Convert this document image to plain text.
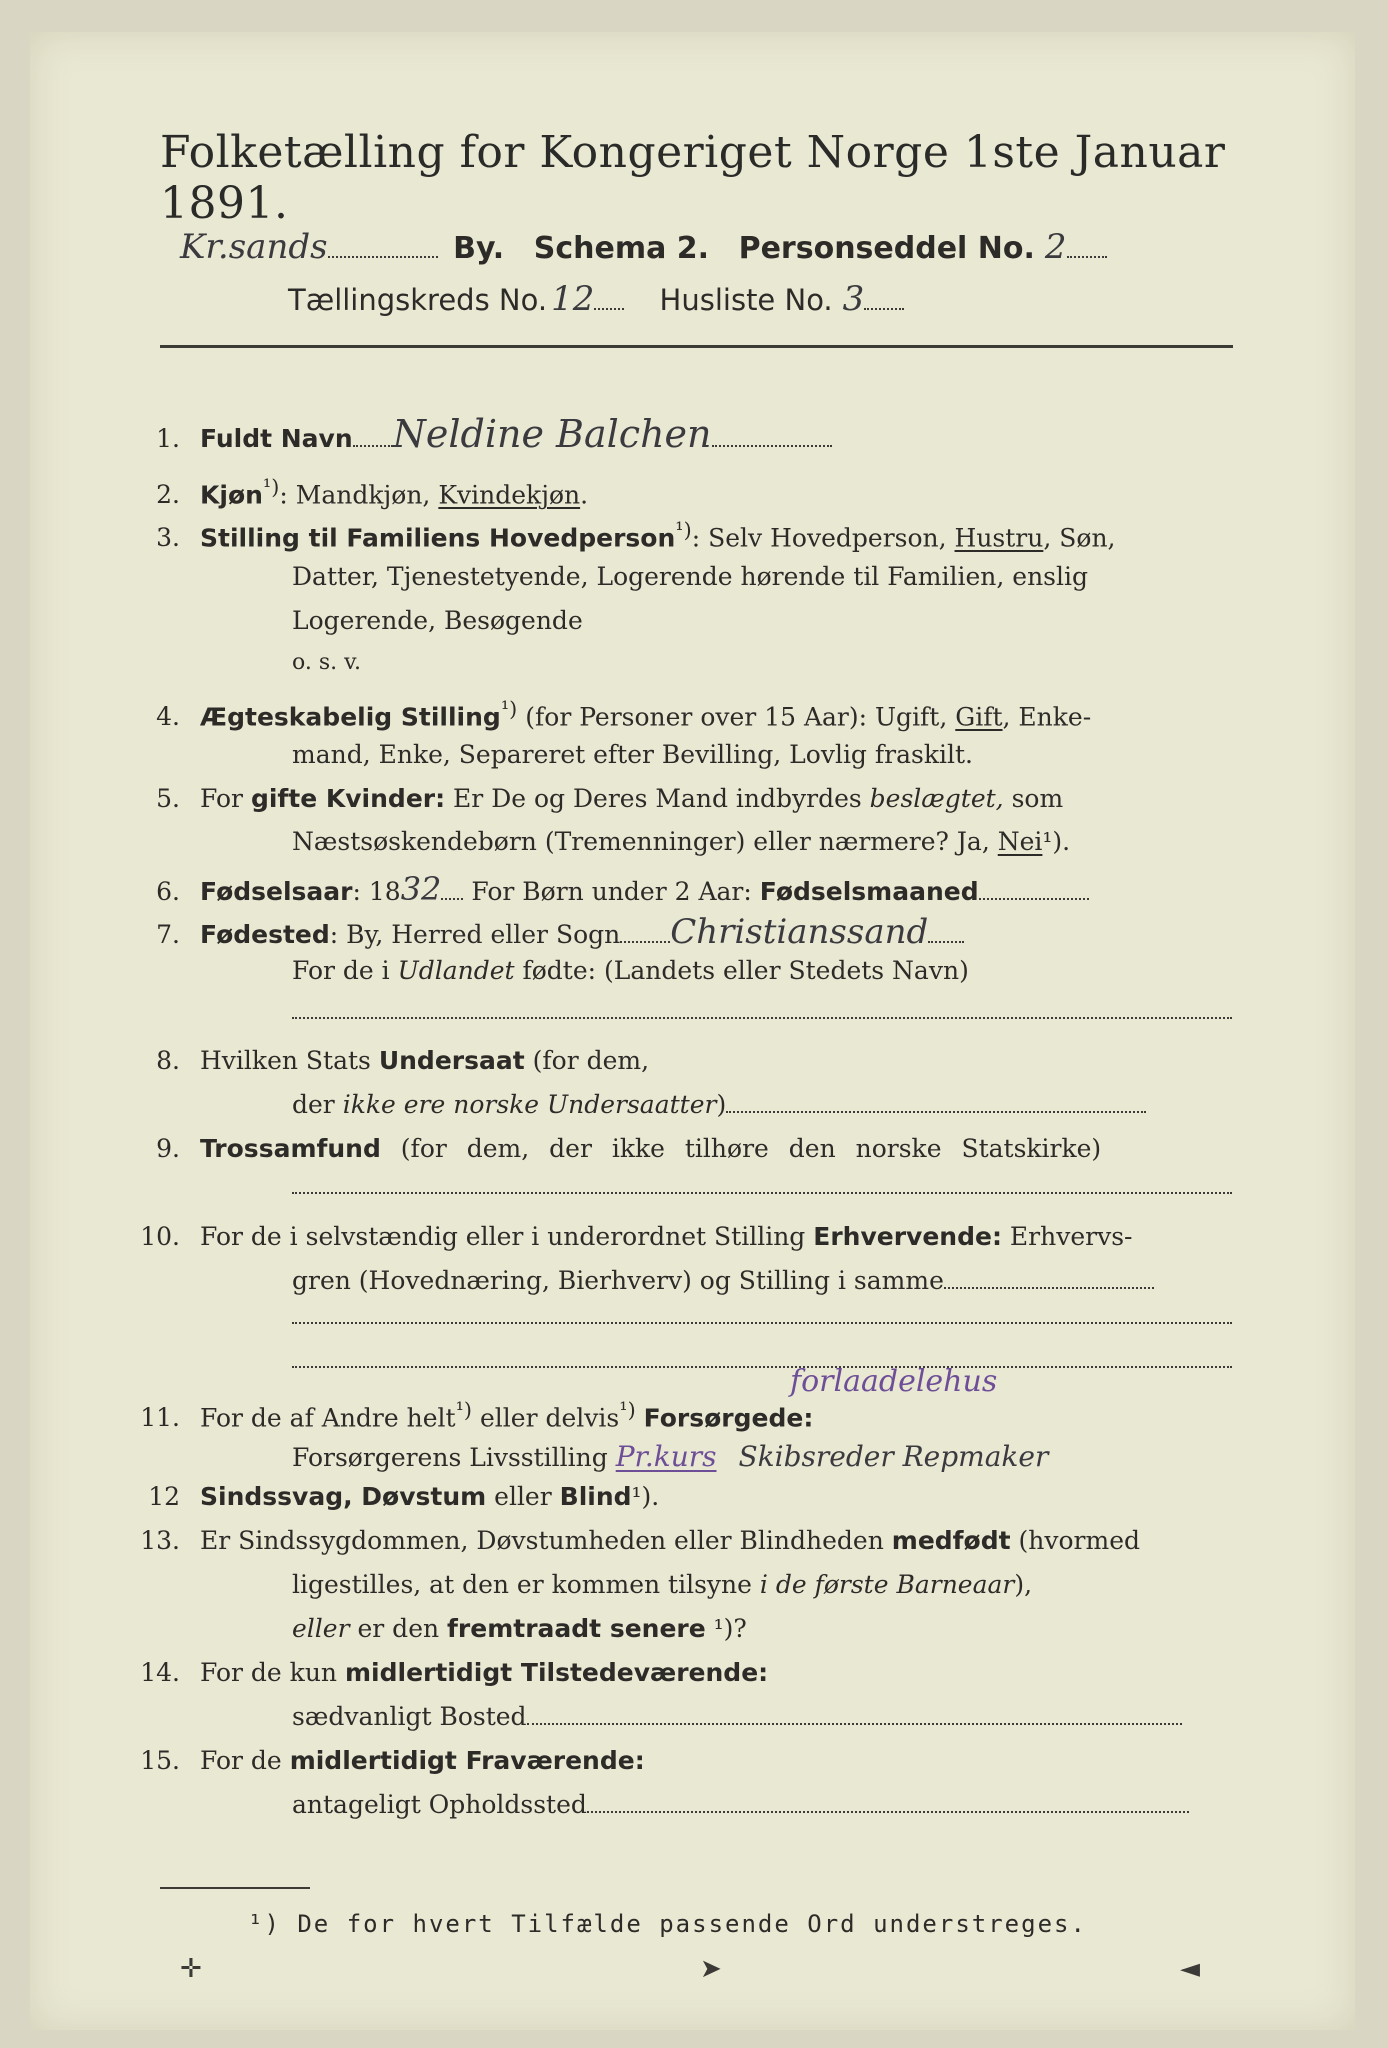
Folketælling for Kongeriget Norge 1ste Januar 1891.
Kr.sands	By. Schema 2. Personseddel No. 2
Tællingskreds No. 12 Husliste No. 3
1. Fuldt Navn Neldine Balchen
2. Kjøn$^{^1)}$: Mandkjøn, Kvindekjøn.
3. Stilling til Familiens Hovedperson$^{^1)}$: Selv Hovedperson, Hustru, Søn,
Datter, Tjenestetyende, Logerende hørende til Familien, enslig
Logerende, Besøgende
o. s. v.
4. Ægteskabelig Stilling$^{^1)}$ (for Personer over 15 Aar): Ugift, Gift, Enke-
mand, Enke, Separeret efter Bevilling, Lovlig fraskilt.
5. For gifte Kvinder: Er De og Deres Mand indbyrdes beslægtet, som
Næstsøskendebørn (Tremenninger) eller nærmere? Ja, Nei¹).
6. Fødselsaar: 1832 For Børn under 2 Aar: Fødselsmaaned
7. Fødested: By, Herred eller Sogn Christianssand
For de i Udlandet fødte: (Landets eller Stedets Navn)
8. Hvilken Stats Undersaat (for dem,
der ikke ere norske Undersaatter)
9. Trossamfund (for dem, der ikke tilhøre den norske Statskirke)
10. For de i selvstændig eller i underordnet Stilling Erhvervende: Erhvervs-
gren (Hovednæring, Bierhverv) og Stilling i samme
forlaadelehus
11. For de af Andre helt$^{^1)}$ eller delvis$^{^1)}$ Forsørgede:
Forsørgerens Livsstilling Pr.kurs Skibsreder Repmaker
12 Sindssvag, Døvstum eller Blind¹).
13. Er Sindssygdommen, Døvstumheden eller Blindheden medfødt (hvormed
ligestilles, at den er kommen tilsyne i de første Barneaar),
eller er den fremtraadt senere ¹)?
14. For de kun midlertidigt Tilstedeværende:
sædvanligt Bosted
15. For de midlertidigt Fraværende:
antageligt Opholdssted
¹) De for hvert Tilfælde passende Ord understreges.
✛	➤	◄
